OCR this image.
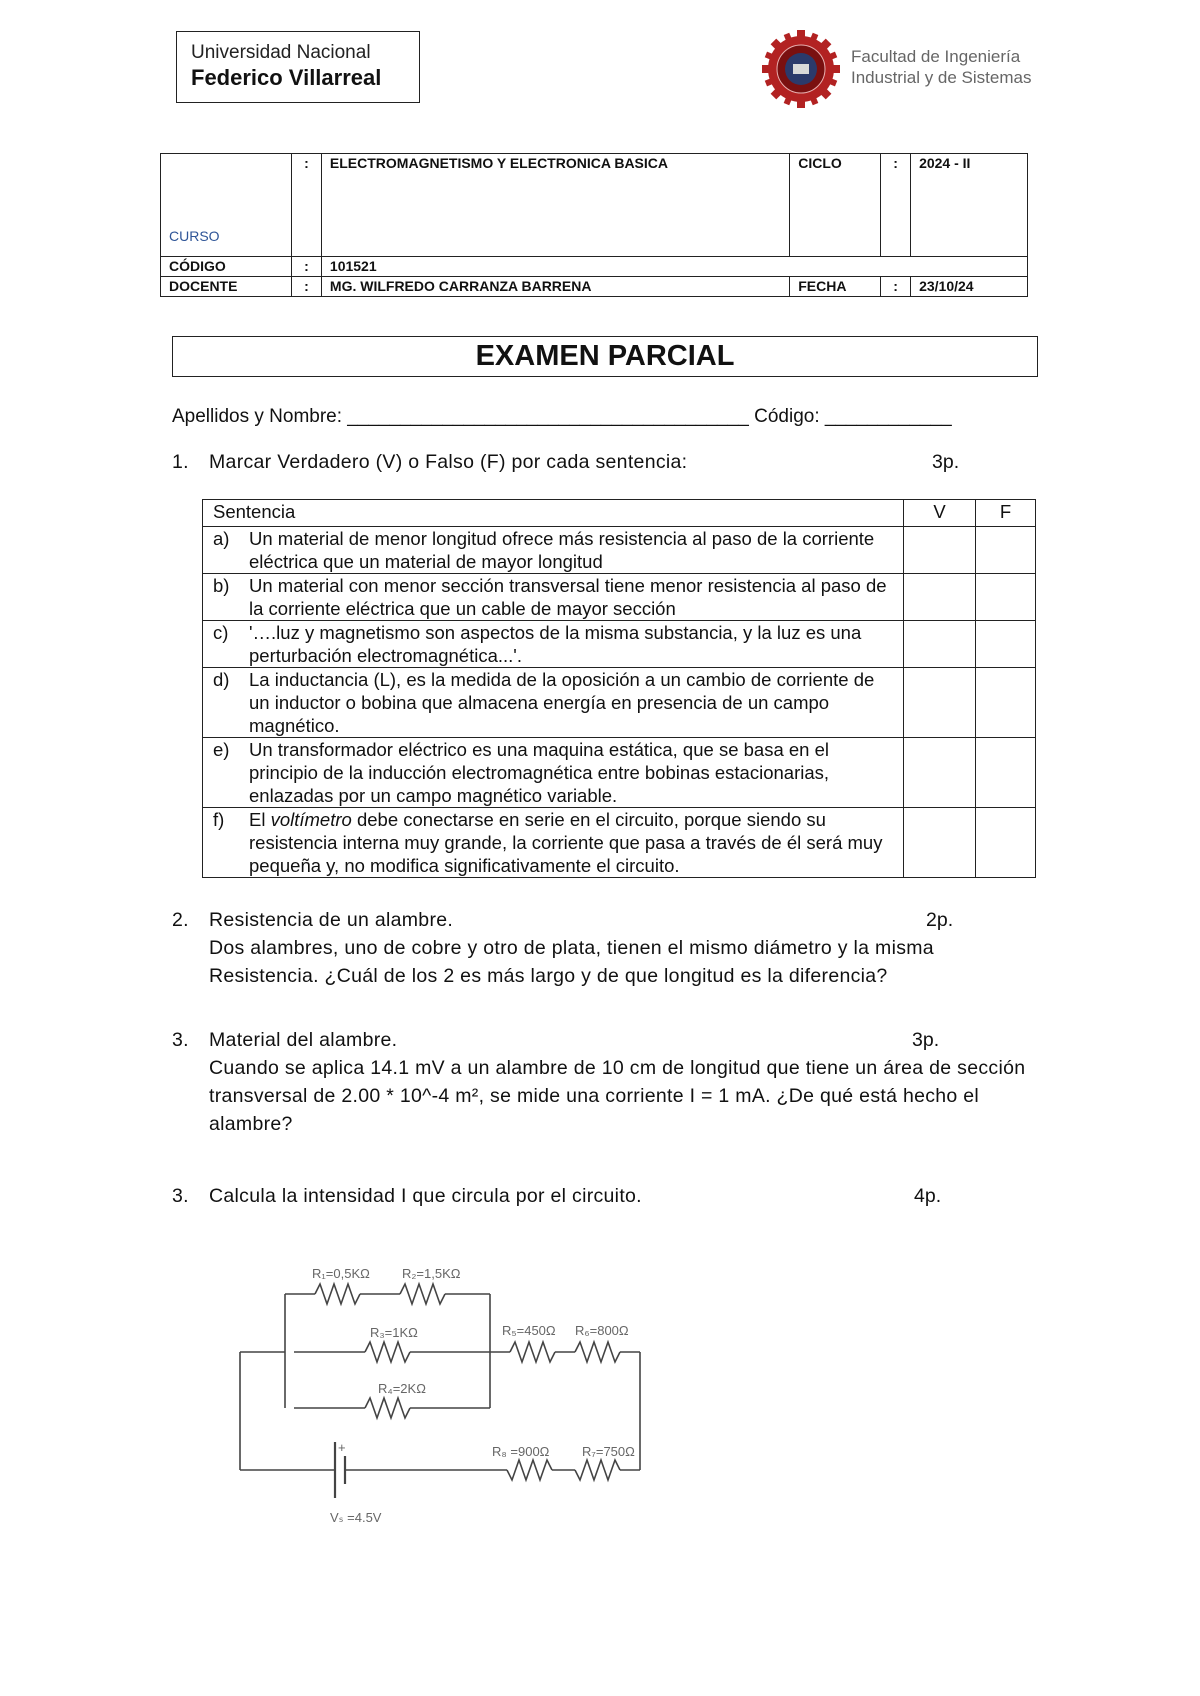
Universidad Nacional
Federico Villarreal
Facultad de Ingeniería
Industrial y de Sistemas
CURSO	:	ELECTROMAGNETISMO Y ELECTRONICA BASICA	CICLO	:	2024 - II
CÓDIGO	:	101521			
DOCENTE	:	MG. WILFREDO CARRANZA BARRENA	FECHA	:	23/10/24
EXAMEN PARCIAL
Apellidos y Nombre: ______________________________________ Código: ____________
1. Marcar Verdadero (V) o Falso (F) por cada sentencia:	3p.
Sentencia	V	F

a) Un material de menor longitud ofrece más resistencia al paso de la corriente eléctrica que un material de mayor longitud		

b) Un material con menor sección transversal tiene menor resistencia al paso de la corriente eléctrica que un cable de mayor sección		

c) '….luz y magnetismo son aspectos de la misma substancia, y la luz es una perturbación electromagnética...'.		

d) La inductancia (L), es la medida de la oposición a un cambio de corriente de un inductor o bobina que almacena energía en presencia de un campo magnético.		

e) Un transformador eléctrico es una maquina estática, que se basa en el principio de la inducción electromagnética entre bobinas estacionarias, enlazadas por un campo magnético variable.		

f) El voltímetro debe conectarse en serie en el circuito, porque siendo su resistencia interna muy grande, la corriente que pasa a través de él será muy pequeña y, no modifica significativamente el circuito.		

2. Resistencia de un alambre.
Dos alambres, uno de cobre y otro de plata, tienen el mismo diámetro y la misma Resistencia. ¿Cuál de los 2 es más largo y de que longitud es la diferencia?
2p.
3. Material del alambre.
Cuando se aplica 14.1 mV a un alambre de 10 cm de longitud que tiene un área de sección transversal de 2.00 * 10^-4 m², se mide una corriente I = 1 mA. ¿De qué está hecho el alambre?
3p.
3. Calcula la intensidad I que circula por el circuito.	4p.
R₁=0,5KΩ R₂=1,5KΩ
R₃=1KΩ	R₅=450Ω R₆=800Ω
R₄=2KΩ
R₈ =900Ω	R₇=750Ω
+
Vₛ =4.5V
